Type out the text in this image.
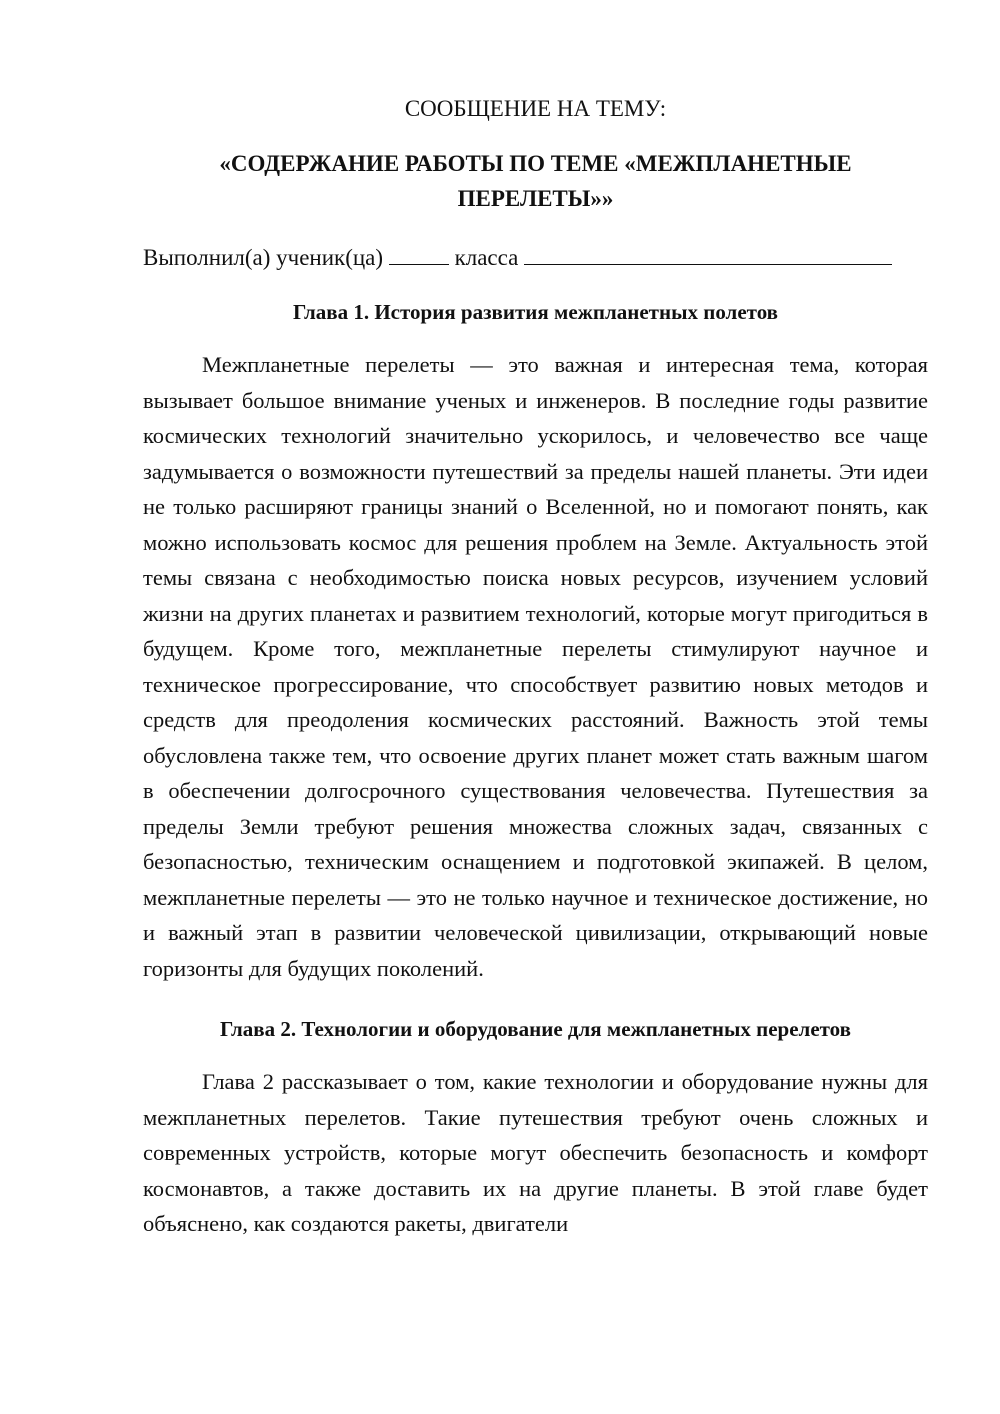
СООБЩЕНИЕ НА ТЕМУ:

«СОДЕРЖАНИЕ РАБОТЫ ПО ТЕМЕ «МЕЖПЛАНЕТНЫЕ ПЕРЕЛЕТЫ»»

Выполнил(а) ученик(ца)	класса

Глава 1. История развития межпланетных полетов

Межпланетные перелеты — это важная и интересная тема, которая вызывает большое внимание ученых и инженеров. В последние годы развитие космических технологий значительно ускорилось, и человечество все чаще задумывается о возможности путешествий за пределы нашей планеты. Эти идеи не только расширяют границы знаний о Вселенной, но и помогают понять, как можно использовать космос для решения проблем на Земле. Актуальность этой темы связана с необходимостью поиска новых ресурсов, изучением условий жизни на других планетах и развитием технологий, которые могут пригодиться в будущем. Кроме того, межпланетные перелеты стимулируют научное и техническое прогрессирование, что способствует развитию новых методов и средств для преодоления космических расстояний. Важность этой темы обусловлена также тем, что освоение других планет может стать важным шагом в обеспечении долгосрочного существования человечества. Путешествия за пределы Земли требуют решения множества сложных задач, связанных с безопасностью, техническим оснащением и подготовкой экипажей. В целом, межпланетные перелеты — это не только научное и техническое достижение, но и важный этап в развитии человеческой цивилизации, открывающий новые горизонты для будущих поколений.

Глава 2. Технологии и оборудование для межпланетных перелетов

Глава 2 рассказывает о том, какие технологии и оборудование нужны для межпланетных перелетов. Такие путешествия требуют очень сложных и современных устройств, которые могут обеспечить безопасность и комфорт космонавтов, а также доставить их на другие планеты. В этой главе будет объяснено, как создаются ракеты, двигатели
